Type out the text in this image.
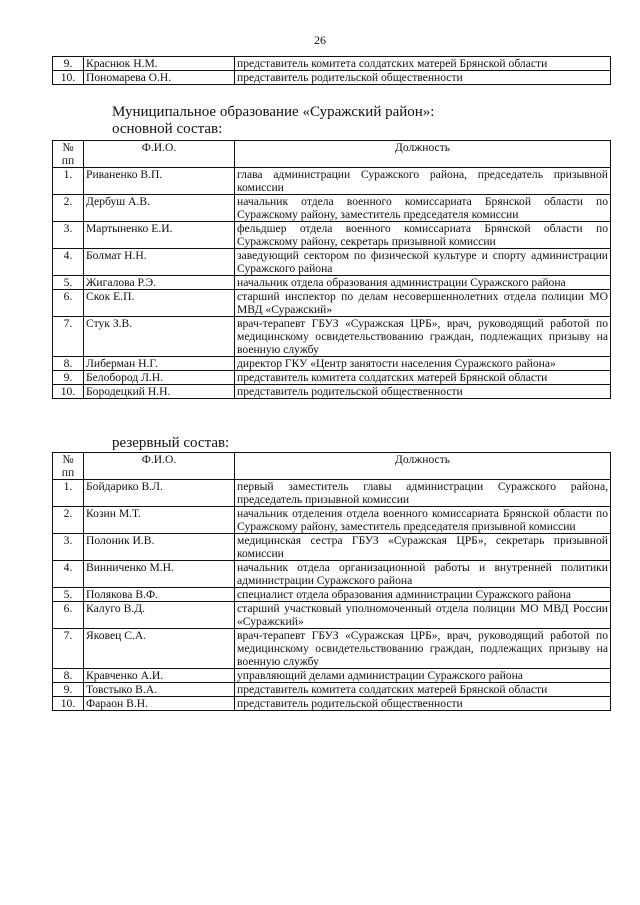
26
9.	Краснюк Н.М.	представитель комитета солдатских матерей Брянской области
10.	Пономарева О.Н.	представитель родительской общественности
Муниципальное образование «Суражский район»:
основной состав:
№ пп	Ф.И.О.	Должность
1.	Риваненко В.П.	глава администрации Суражского района, председатель призывной комиссии
2.	Дербуш А.В.	начальник отдела военного комиссариата Брянской области по Суражскому району, заместитель председателя комиссии
3.	Мартыненко Е.И.	фельдшер отдела военного комиссариата Брянской области по Суражскому району, секретарь призывной комиссии
4.	Болмат Н.Н.	заведующий сектором по физической культуре и спорту администрации Суражского района
5.	Жигалова Р.Э.	начальник отдела образования администрации Суражского района
6.	Скок Е.П.	старший инспектор по делам несовершеннолетних отдела полиции МО МВД «Суражский»
7.	Стук З.В.	врач-терапевт ГБУЗ «Суражская ЦРБ», врач, руководящий работой по медицинскому освидетельствованию граждан, подлежащих призыву на военную службу
8.	Либерман Н.Г.	директор ГКУ «Центр занятости населения Суражского района»
9.	Белобород Л.Н.	представитель комитета солдатских матерей Брянской области
10.	Бородецкий Н.Н.	представитель родительской общественности
резервный состав:
№ пп	Ф.И.О.	Должность
1.	Бойдарико В.Л.	первый заместитель главы администрации Суражского района, председатель призывной комиссии
2.	Козин М.Т.	начальник отделения отдела военного комиссариата Брянской области по Суражскому району, заместитель председателя призывной комиссии
3.	Полоник И.В.	медицинская сестра ГБУЗ «Суражская ЦРБ», секретарь призывной комиссии
4.	Винниченко М.Н.	начальник отдела организационной работы и внутренней политики администрации Суражского района
5.	Полякова В.Ф.	специалист отдела образования администрации Суражского района
6.	Калуго В.Д.	старший участковый уполномоченный отдела полиции МО МВД России «Суражский»
7.	Яковец С.А.	врач-терапевт ГБУЗ «Суражская ЦРБ», врач, руководящий работой по медицинскому освидетельствованию граждан, подлежащих призыву на военную службу
8.	Кравченко А.И.	управляющий делами администрации Суражского района
9.	Товстыко В.А.	представитель комитета солдатских матерей Брянской области
10.	Фараон В.Н.	представитель родительской общественности
